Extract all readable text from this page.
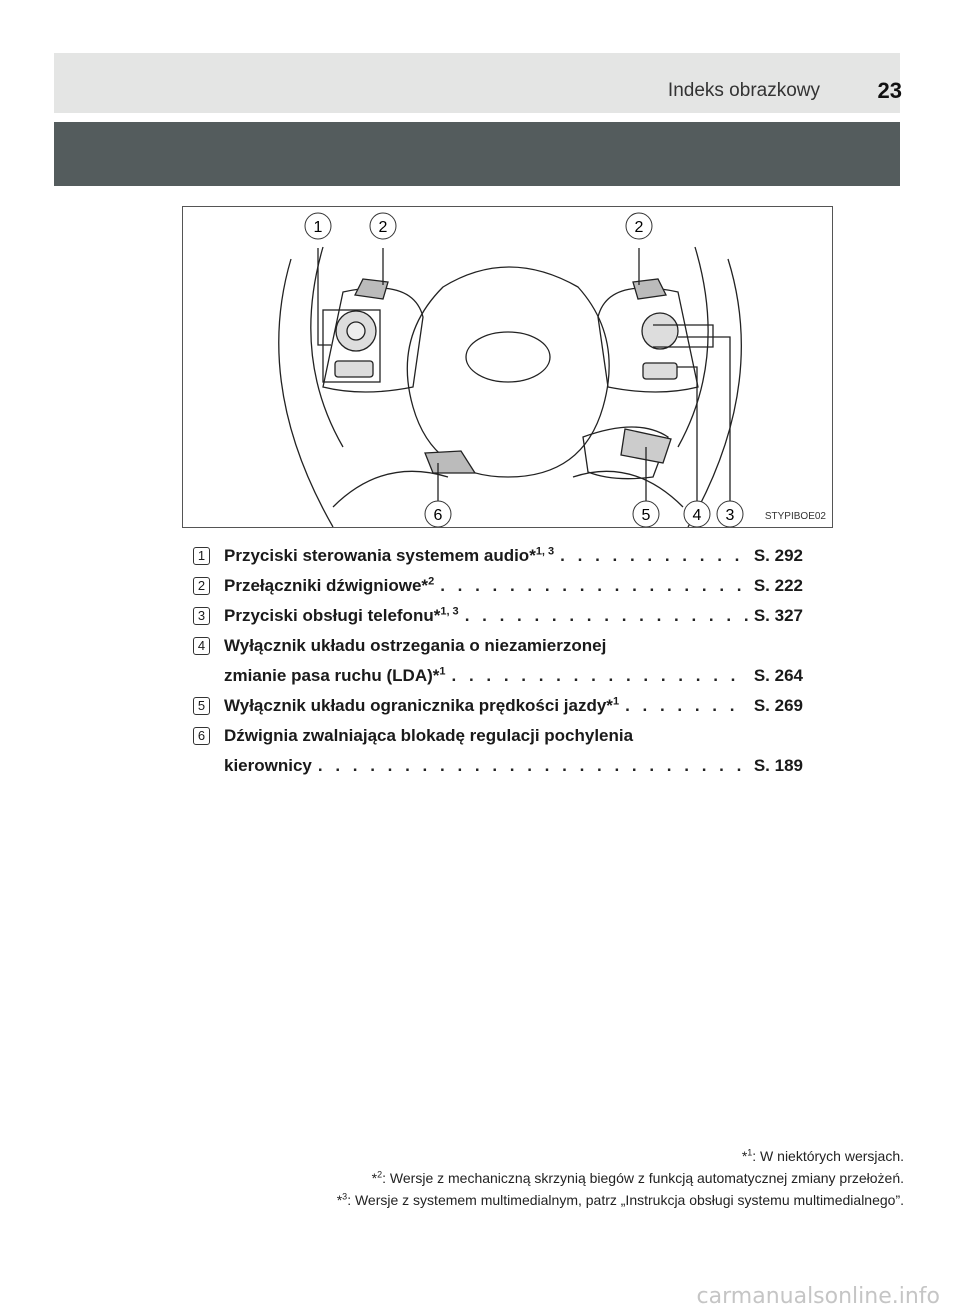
Indeks obrazkowy	23
1	2	2
6	5	4 3	STYPIBOE02
1 Przyciski sterowania systemem audio*$^{1, 3}$ . . .	S. 292
2 Przełączniki dźwigniowe*$^2$ . . .	S. 222
3 Przyciski obsługi telefonu*$^{1, 3}$ . . .	S. 327
4 Wyłącznik układu ostrzegania o niezamierzonej
zmianie pasa ruchu (LDA)*$^1$ . . .	S. 264
5 Wyłącznik układu ogranicznika prędkości jazdy*$^1$ . . .	S. 269
6 Dźwignia zwalniająca blokadę regulacji pochylenia
kierownicy . . .	S. 189
*$^1$: W niektórych wersjach.
*$^2$: Wersje z mechaniczną skrzynią biegów z funkcją automatycznej zmiany przełożeń.
*$^3$: Wersje z systemem multimedialnym, patrz „Instrukcja obsługi systemu multimedialnego”.
carmanualsonline.info
